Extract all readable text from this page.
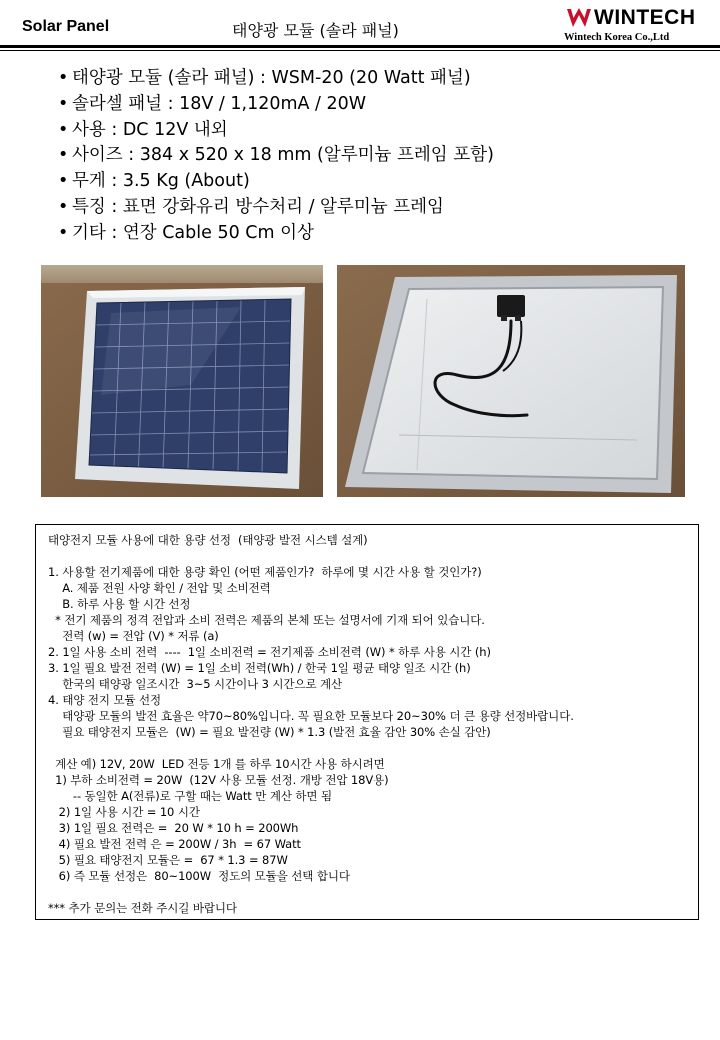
Solar Panel	태양광 모듈 (솔라 패널)
WINTECH
Wintech Korea Co.,Ltd
• 태양광 모듈 (솔라 패널) : WSM-20 (20 Watt 패널)
• 솔라셀 패널 : 18V / 1,120mA / 20W
• 사용 : DC 12V 내외
• 사이즈 : 384 x 520 x 18 mm (알루미늄 프레임 포함)
• 무게 : 3.5 Kg (About)
• 특징 : 표면 강화유리 방수처리 / 알루미늄 프레임
• 기타 : 연장 Cable 50 Cm 이상
태양전지 모듈 사용에 대한 용량 선정  (태양광 발전 시스템 설계)
1. 사용할 전기제품에 대한 용량 확인 (어떤 제품인가?  하루에 몇 시간 사용 할 것인가?)
A. 제품 전원 사양 확인 / 전압 및 소비전력
B. 하루 사용 할 시간 선정
* 전기 제품의 정격 전압과 소비 전력은 제품의 본체 또는 설명서에 기재 되어 있습니다.
전력 (w) = 전압 (V) * 저류 (a)
2. 1일 사용 소비 전력  ----  1일 소비전력 = 전기제품 소비전력 (W) * 하루 사용 시간 (h)
3. 1일 필요 발전 전력 (W) = 1일 소비 전력(Wh) / 한국 1일 평균 태양 일조 시간 (h)
한국의 태양광 일조시간  3~5 시간이나 3 시간으로 계산
4. 태양 전지 모듈 선정
태양광 모듈의 발전 효율은 약70~80%입니다. 꼭 필요한 모듈보다 20~30% 더 큰 용량 선정바랍니다.
필요 태양전지 모듈은  (W) = 필요 발전량 (W) * 1.3 (발전 효율 감안 30% 손실 감안)
계산 예) 12V, 20W  LED 전등 1개 를 하루 10시간 사용 하시려면
1) 부하 소비전력 = 20W  (12V 사용 모듈 선정. 개방 전압 18V용)
-- 동일한 A(전류)로 구할 때는 Watt 만 계산 하면 됨
2) 1일 사용 시간 = 10 시간
3) 1일 필요 전력은 =  20 W * 10 h = 200Wh
4) 필요 발전 전력 은 = 200W / 3h  = 67 Watt
5) 필요 태양전지 모듈은 =  67 * 1.3 = 87W
6) 즉 모듈 선정은  80~100W  정도의 모듈을 선택 합니다
*** 추가 문의는 전화 주시길 바랍니다
